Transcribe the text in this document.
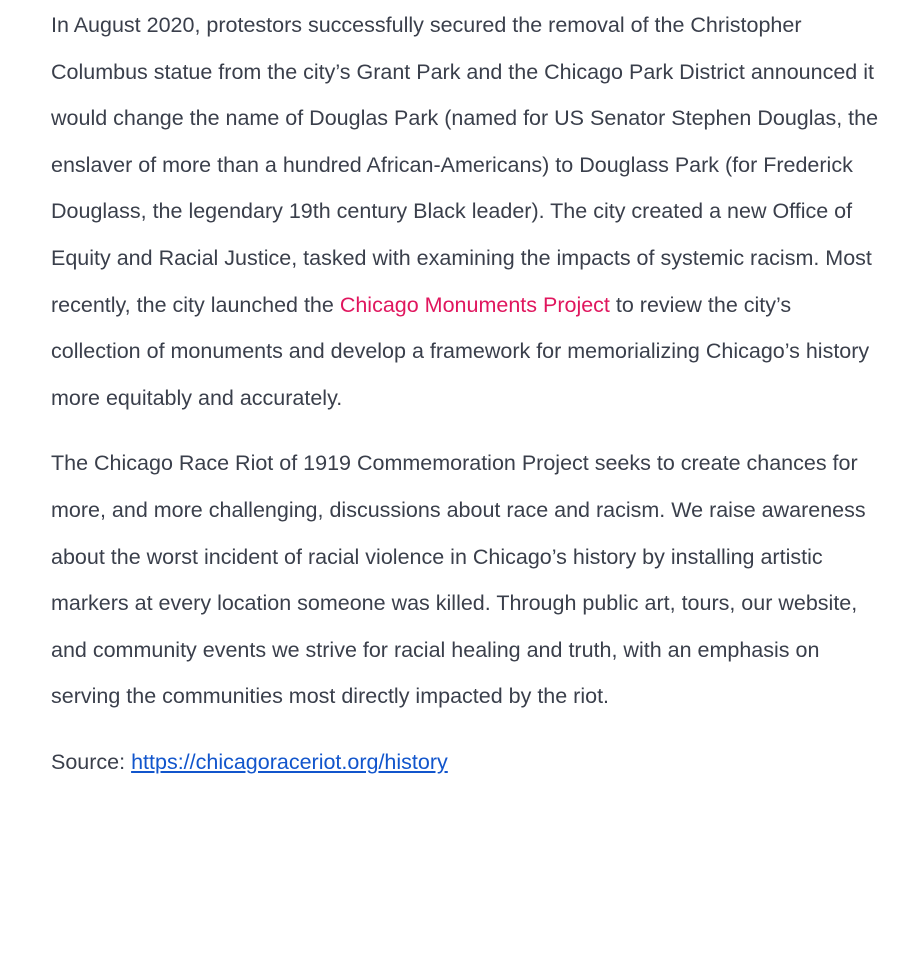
In August 2020, protestors successfully secured the removal of the Christopher Columbus statue from the city’s Grant Park and the Chicago Park District announced it would change the name of Douglas Park (named for US Senator Stephen Douglas, the enslaver of more than a hundred African-Americans) to Douglass Park (for Frederick Douglass, the legendary 19th century Black leader). The city created a new Office of Equity and Racial Justice, tasked with examining the impacts of systemic racism. Most recently, the city launched the Chicago Monuments Project to review the city’s collection of monuments and develop a framework for memorializing Chicago’s history more equitably and accurately.

The Chicago Race Riot of 1919 Commemoration Project seeks to create chances for more, and more challenging, discussions about race and racism. We raise awareness about the worst incident of racial violence in Chicago’s history by installing artistic markers at every location someone was killed. Through public art, tours, our website, and community events we strive for racial healing and truth, with an emphasis on serving the communities most directly impacted by the riot.

Source: https://chicagoraceriot.org/history
